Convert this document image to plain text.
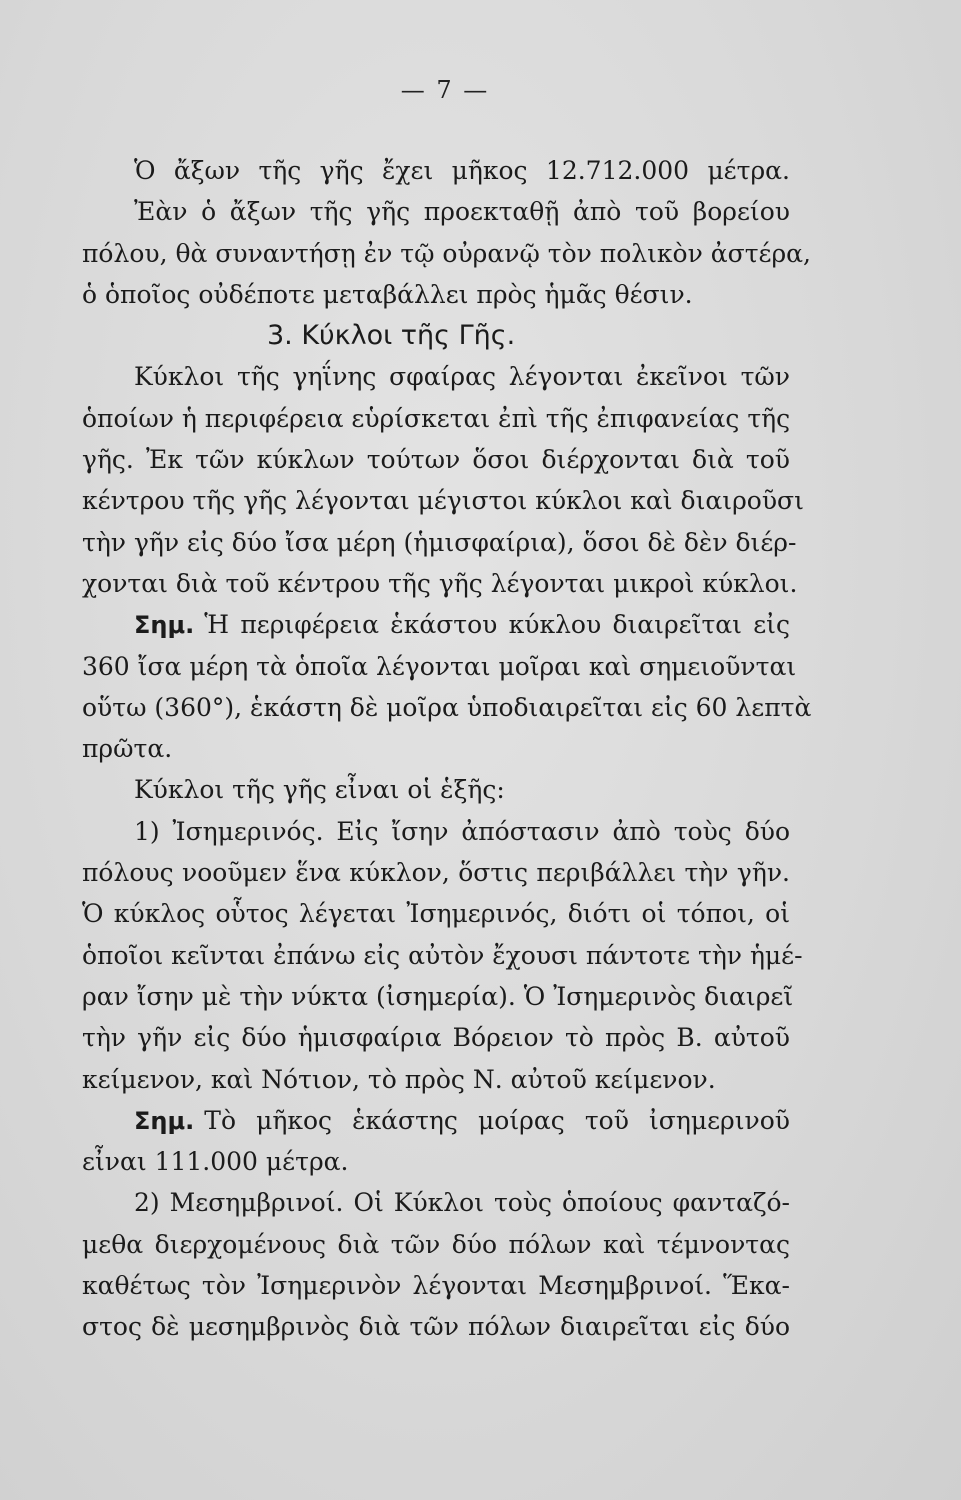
— 7 —
Ὁ ἄξων τῆς γῆς ἔχει μῆκος 12.712.000 μέτρα.
Ἐὰν ὁ ἄξων τῆς γῆς προεκταθῇ ἀπὸ τοῦ βορείου
πόλου, θὰ συναντήσῃ ἐν τῷ οὐρανῷ τὸν πολικὸν ἀστέρα,
ὁ ὁποῖος οὐδέποτε μεταβάλλει πρὸς ἡμᾶς θέσιν.
3. Κύκλοι τῆς Γῆς.
Κύκλοι τῆς γηΐνης σφαίρας λέγονται ἐκεῖνοι τῶν
ὁποίων ἡ περιφέρεια εὑρίσκεται ἐπὶ τῆς ἐπιφανείας τῆς
γῆς. Ἐκ τῶν κύκλων τούτων ὅσοι διέρχονται διὰ τοῦ
κέντρου τῆς γῆς λέγονται μέγιστοι κύκλοι καὶ διαιροῦσι
τὴν γῆν εἰς δύο ἴσα μέρη (ἡμισφαίρια), ὅσοι δὲ δὲν διέρ-
χονται διὰ τοῦ κέντρου τῆς γῆς λέγονται μικροὶ κύκλοι.
Σημ. Ἡ περιφέρεια ἑκάστου κύκλου διαιρεῖται εἰς
360 ἴσα μέρη τὰ ὁποῖα λέγονται μοῖραι καὶ σημειοῦνται
οὕτω (360°), ἑκάστη δὲ μοῖρα ὑποδιαιρεῖται εἰς 60 λεπτὰ
πρῶτα.
Κύκλοι τῆς γῆς εἶναι οἱ ἑξῆς:
1) Ἰσημερινός. Εἰς ἴσην ἀπόστασιν ἀπὸ τοὺς δύο
πόλους νοοῦμεν ἕνα κύκλον, ὅστις περιβάλλει τὴν γῆν.
Ὁ κύκλος οὗτος λέγεται Ἰσημερινός, διότι οἱ τόποι, οἱ
ὁποῖοι κεῖνται ἐπάνω εἰς αὐτὸν ἔχουσι πάντοτε τὴν ἡμέ-
ραν ἴσην μὲ τὴν νύκτα (ἰσημερία). Ὁ Ἰσημερινὸς διαιρεῖ
τὴν γῆν εἰς δύο ἡμισφαίρια Βόρειον τὸ πρὸς Β. αὐτοῦ
κείμενον, καὶ Νότιον, τὸ πρὸς Ν. αὐτοῦ κείμενον.
Σημ. Τὸ μῆκος ἑκάστης μοίρας τοῦ ἰσημερινοῦ
εἶναι 111.000 μέτρα.
2) Μεσημβρινοί. Οἱ Κύκλοι τοὺς ὁποίους φανταζό-
μεθα διερχομένους διὰ τῶν δύο πόλων καὶ τέμνοντας
καθέτως τὸν Ἰσημερινὸν λέγονται Μεσημβρινοί. Ἕκα-
στος δὲ μεσημβρινὸς διὰ τῶν πόλων διαιρεῖται εἰς δύο
